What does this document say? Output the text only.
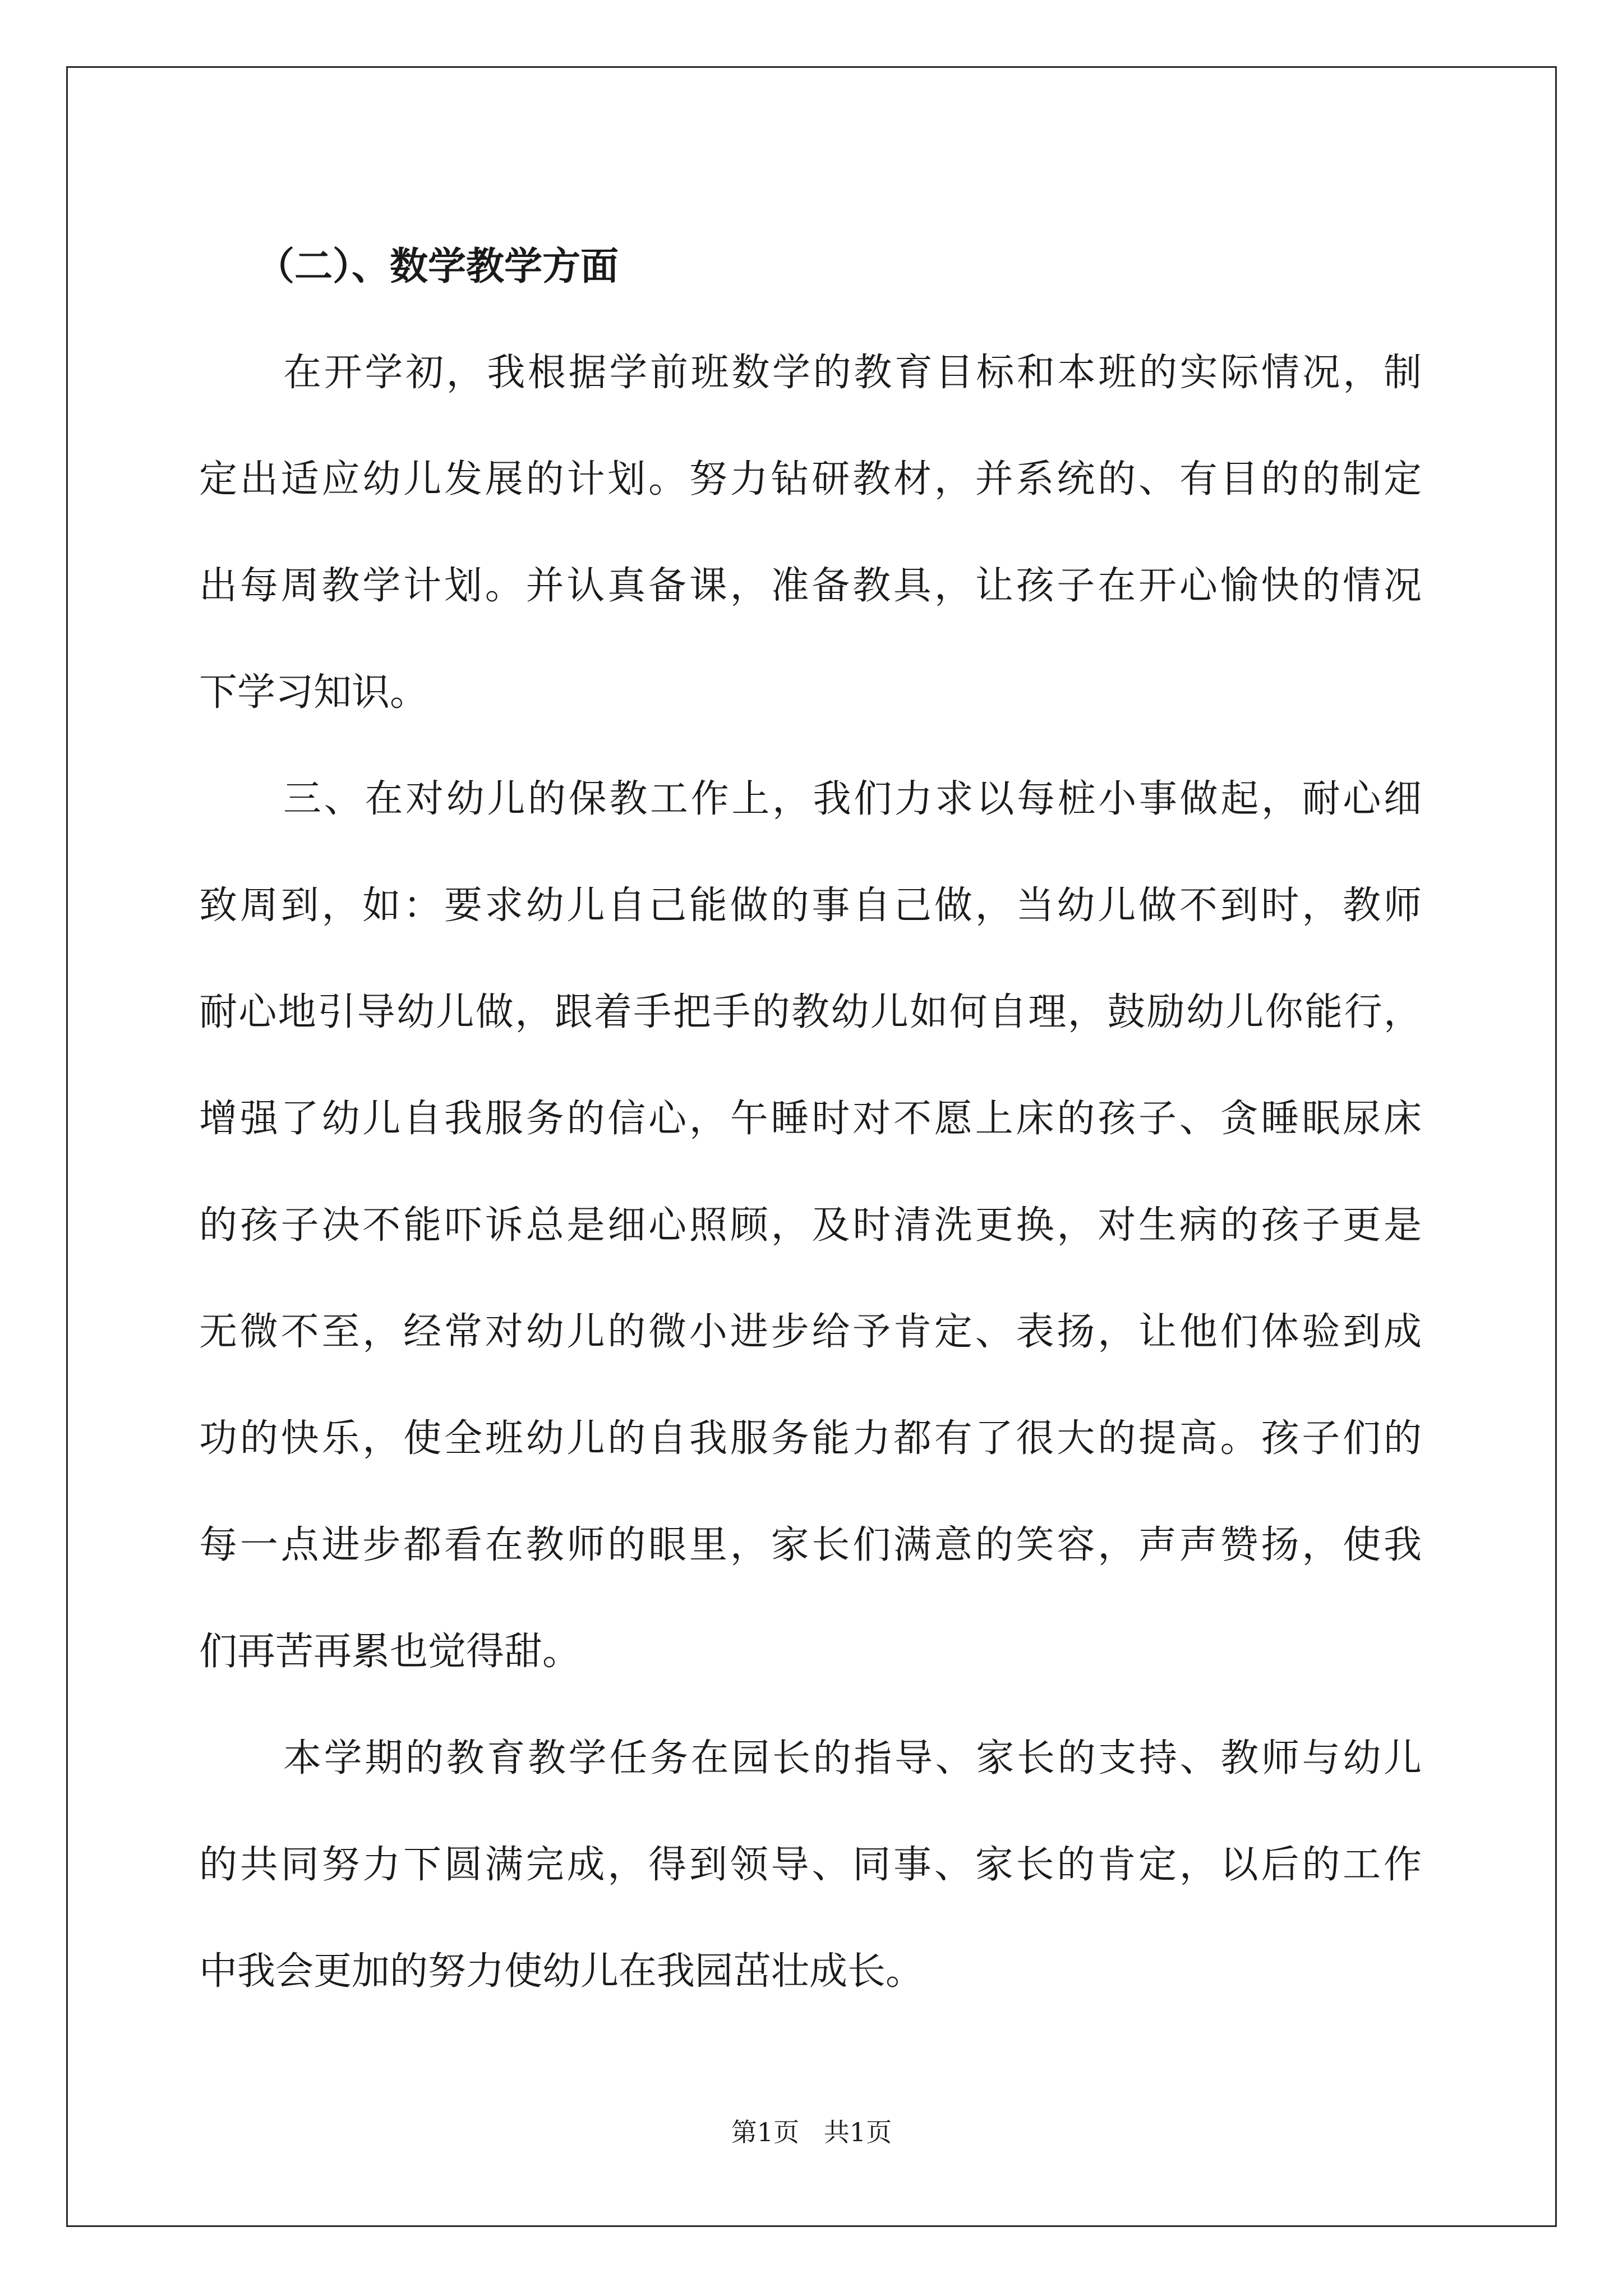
（二）、数学教学方面
在开学初，我根据学前班数学的教育目标和本班的实际情况，制
定出适应幼儿发展的计划。努力钻研教材，并系统的、有目的的制定
出每周教学计划。并认真备课，准备教具，让孩子在开心愉快的情况
下学习知识。
三、在对幼儿的保教工作上，我们力求以每桩小事做起，耐心细
致周到，如：要求幼儿自己能做的事自己做，当幼儿做不到时，教师
耐心地引导幼儿做，跟着手把手的教幼儿如何自理，鼓励幼儿你能行，
增强了幼儿自我服务的信心，午睡时对不愿上床的孩子、贪睡眠尿床
的孩子决不能吓诉总是细心照顾，及时清洗更换，对生病的孩子更是
无微不至，经常对幼儿的微小进步给予肯定、表扬，让他们体验到成
功的快乐，使全班幼儿的自我服务能力都有了很大的提高。孩子们的
每一点进步都看在教师的眼里，家长们满意的笑容，声声赞扬，使我
们再苦再累也觉得甜。
本学期的教育教学任务在园长的指导、家长的支持、教师与幼儿
的共同努力下圆满完成，得到领导、同事、家长的肯定，以后的工作
中我会更加的努力使幼儿在我园茁壮成长。
第1页   共1页
